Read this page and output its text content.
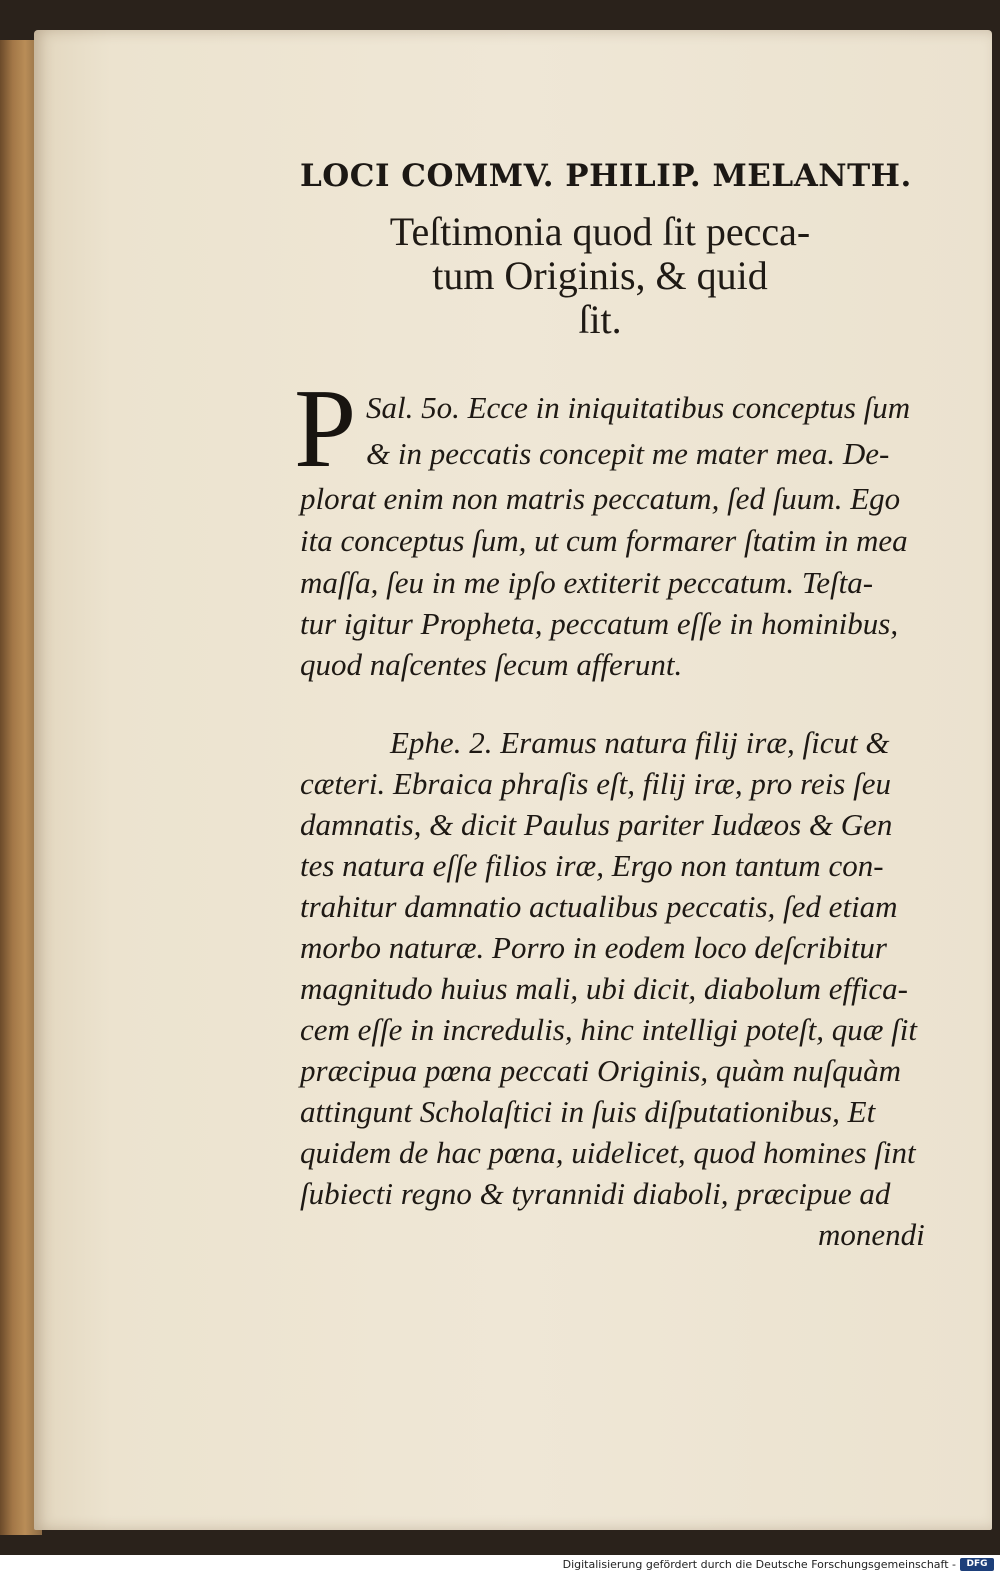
LOCI COMMV. PHILIP. MELANTH.
Teſtimonia quod ſit pecca-
tum Originis, & quid
ſit.
P Sal. 5o. Ecce in iniquitatibus conceptus ſum
& in peccatis concepit me mater mea. De-
plorat enim non matris peccatum, ſed ſuum. Ego
ita conceptus ſum, ut cum formarer ſtatim in mea
maſſa, ſeu in me ipſo extiterit peccatum. Teſta-
tur igitur Propheta, peccatum eſſe in hominibus,
quod naſcentes ſecum afferunt.
Ephe. 2. Eramus natura filij iræ, ſicut &
cæteri. Ebraica phraſis eſt, filij iræ, pro reis ſeu
damnatis, & dicit Paulus pariter Iudæos & Gen
tes natura eſſe filios iræ, Ergo non tantum con-
trahitur damnatio actualibus peccatis, ſed etiam
morbo naturæ. Porro in eodem loco deſcribitur
magnitudo huius mali, ubi dicit, diabolum effica-
cem eſſe in incredulis, hinc intelligi poteſt, quæ ſit
præcipua pœna peccati Originis, quàm nuſquàm
attingunt Scholaſtici in ſuis diſputationibus, Et
quidem de hac pœna, uidelicet, quod homines ſint
ſubiecti regno & tyrannidi diaboli, præcipue ad
monendi
Digitalisierung gefördert durch die Deutsche Forschungsgemeinschaft -	DFG
